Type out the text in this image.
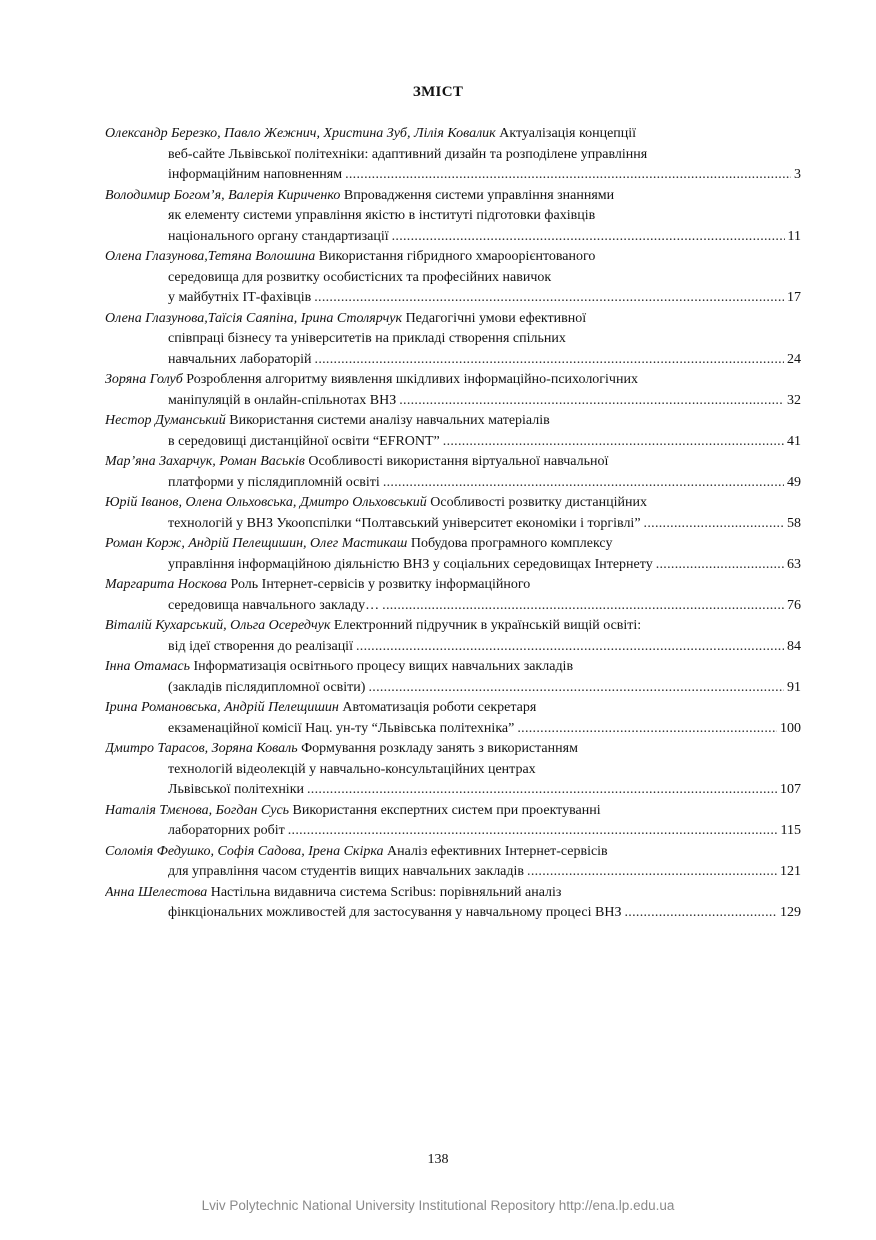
ЗМІСТ
Олександр Березко, Павло Жежнич, Христина Зуб, Лілія Ковалик Актуалізація концепції
веб-сайте Львівської політехніки: адаптивний дизайн та розподілене управління
інформаційним наповненням . . .	3
Володимир Богом’я, Валерія Кириченко Впровадження системи управління знаннями
як елементу системи управління якістю в інституті підготовки фахівців
національного органу стандартизації . . .	11
Олена Глазунова,Тетяна Волошина Використання гібридного хмароорієнтованого
середовища для розвитку особистісних та професійних навичок
у майбутніх ІТ-фахівців . . .	17
Олена Глазунова,Таїсія Саяпіна, Ірина Столярчук Педагогічні умови ефективної
співпраці бізнесу та університетів на прикладі створення спільних
навчальних лабораторій . . .	24
Зоряна Голуб Розроблення алгоритму виявлення шкідливих інформаційно-психологічних
маніпуляцій в онлайн-спільнотах ВНЗ . . .	32
Нестор Думанський Використання системи аналізу навчальних матеріалів
в середовищі дистанційної освіти “EFRONT” . . .	41
Мар’яна Захарчук, Роман Васьків Особливості використання віртуальної навчальної
платформи у післядипломній освіті . . .	49
Юрій Іванов, Олена Ольховська, Дмитро Ольховський Особливості розвитку дистанційних
технологій у ВНЗ Укоопспілки “Полтавський університет економіки і торгівлі” . . .	58
Роман Корж, Андрій Пелещишин, Олег Мастикаш Побудова програмного комплексу
управління інформаційною діяльністю ВНЗ у соціальних середовищах Інтернету . . .	63
Маргарита Носкова Роль Інтернет-сервісів у розвитку інформаційного
середовища навчального закладу… . . .	76
Віталій Кухарський, Ольга Осередчук Електронний підручник в українській вищій освіті:
від ідеї створення до реалізації . . .	84
Інна Отамась Інформатизація освітнього процесу вищих навчальних закладів
(закладів післядипломної освіти) . . .	91
Ірина Романовська, Андрій Пелещишин Автоматизація роботи секретаря
екзаменаційної комісії Нац. ун-ту “Львівська політехніка” . . .	100
Дмитро Тарасов, Зоряна Коваль Формування розкладу занять з використанням
технологій відеолекцій у навчально-консультаційних центрах
Львівської політехніки . . .	107
Наталія Тмєнова, Богдан Сусь Використання експертних систем при проектуванні
лабораторних робіт . . .	115
Соломія Федушко, Софія Садова, Ірена Скірка Аналіз ефективних Інтернет-сервісів
для управління часом студентів вищих навчальних закладів . . .	121
Анна Шелестова Настільна видавнича система Scribus: порівняльний аналіз
фінкціональних можливостей для застосування у навчальному процесі ВНЗ . . .	129
138
Lviv Polytechnic National University Institutional Repository http://ena.lp.edu.ua
